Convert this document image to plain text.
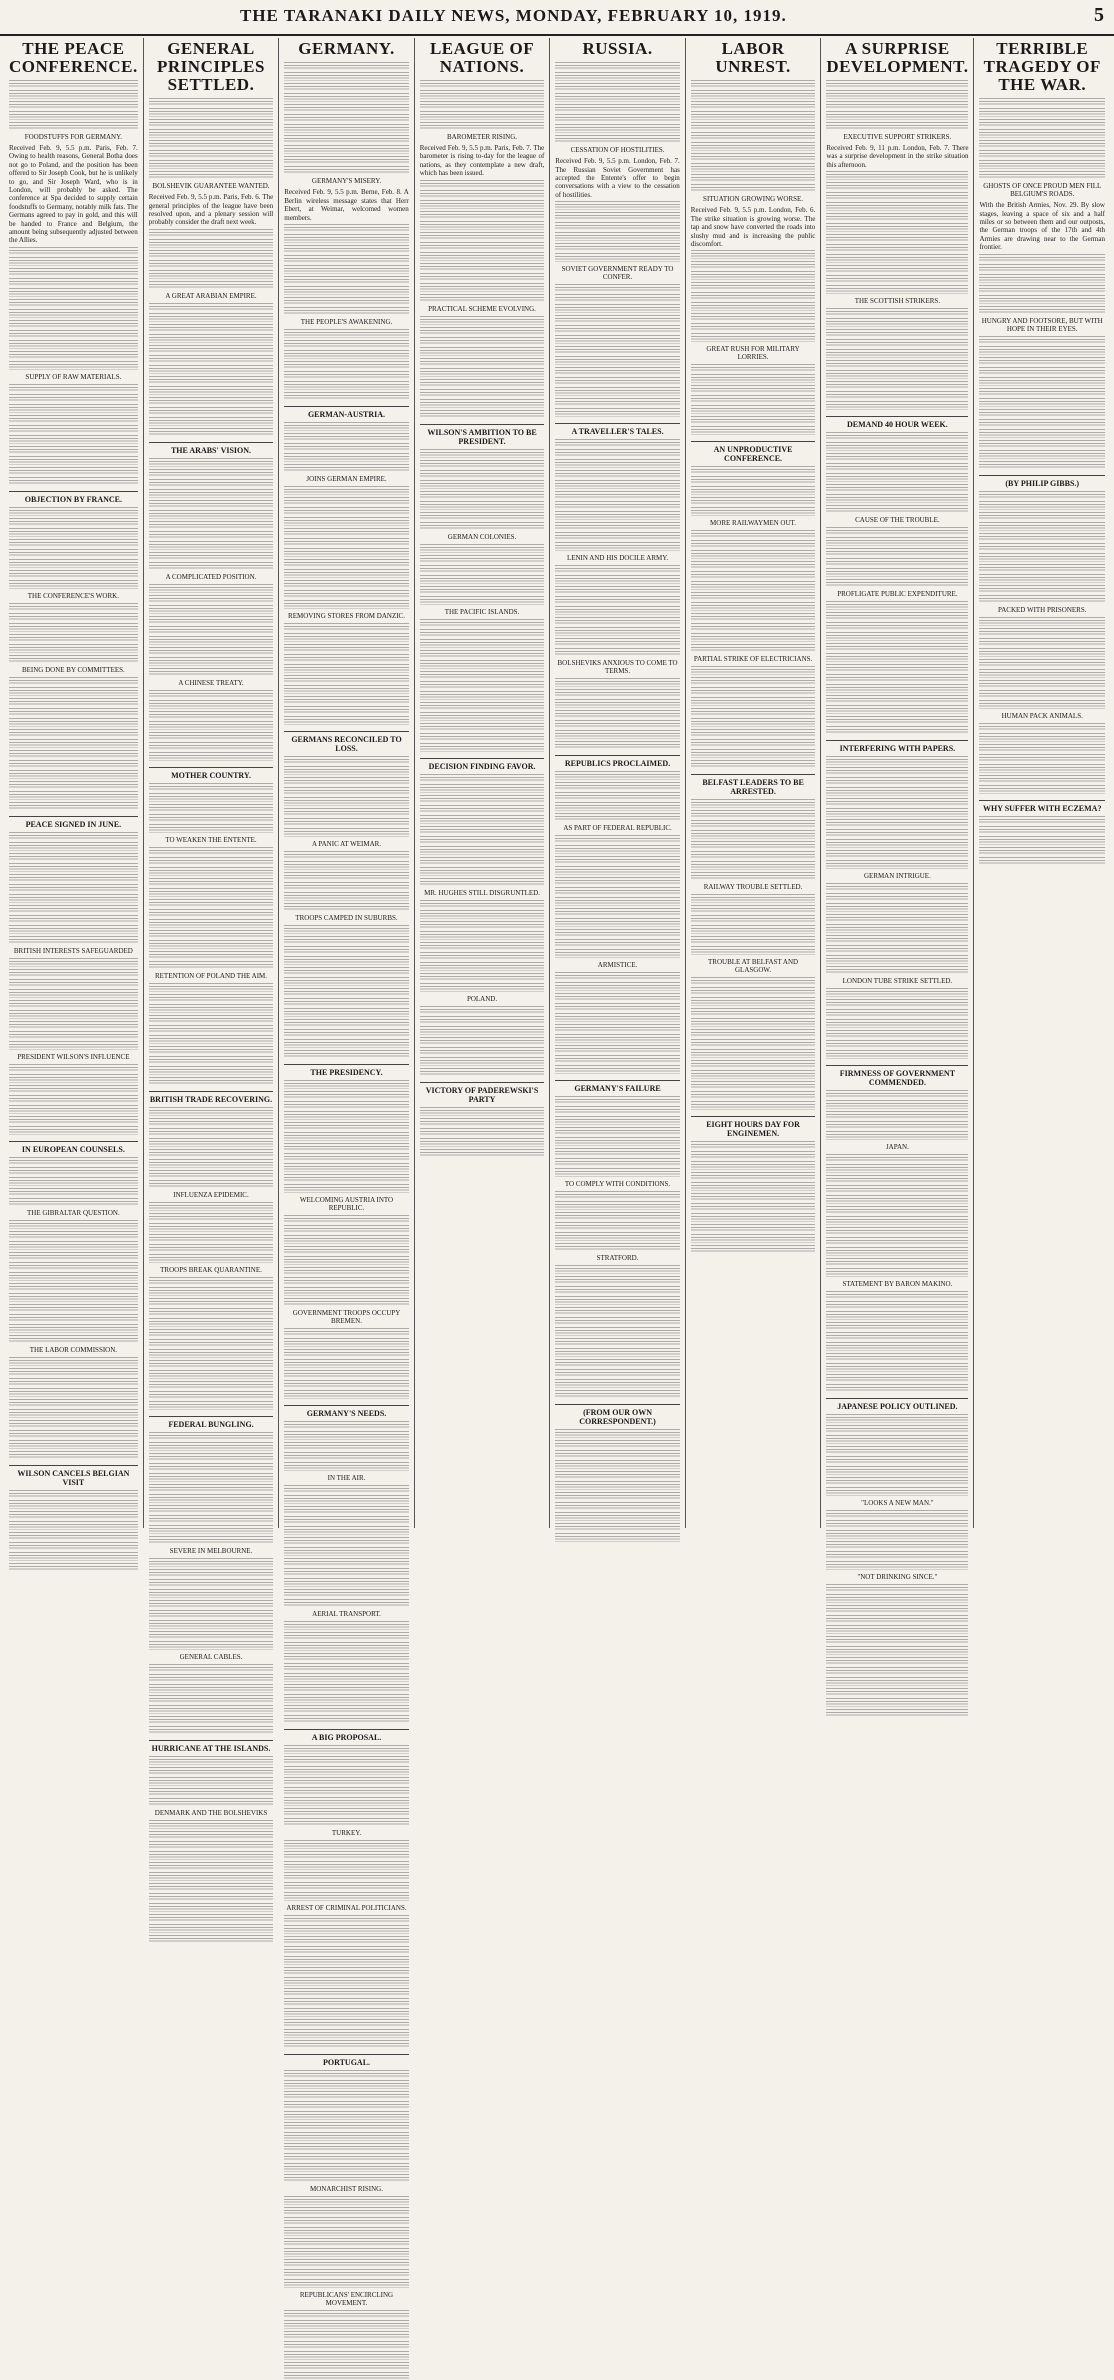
THE TARANAKI DAILY NEWS, MONDAY, FEBRUARY 10, 1919.	5
THE PEACE CONFERENCE.
FOODSTUFFS FOR GERMANY.

Received Feb. 9, 5.5 p.m. Paris, Feb. 7. Owing to health reasons, General Botha does not go to Poland, and the position has been offered to Sir Joseph Cook, but he is unlikely to go, and Sir Joseph Ward, who is in London, will probably be asked. The conference at Spa decided to supply certain foodstuffs to Germany, notably milk fats. The Germans agreed to pay in gold, and this will be handed to France and Belgium, the amount being subsequently adjusted between the Allies.

SUPPLY OF RAW MATERIALS.
OBJECTION BY FRANCE.
THE CONFERENCE'S WORK.
BEING DONE BY COMMITTEES.
PEACE SIGNED IN JUNE.
BRITISH INTERESTS SAFEGUARDED
PRESIDENT WILSON'S INFLUENCE
IN EUROPEAN COUNSELS.
THE GIBRALTAR QUESTION.
THE LABOR COMMISSION.
WILSON CANCELS BELGIAN VISIT
GENERAL PRINCIPLES SETTLED.
BOLSHEVIK GUARANTEE WANTED.

Received Feb. 9, 5.5 p.m. Paris, Feb. 6. The general principles of the league have been resolved upon, and a plenary session will probably consider the draft next week.

A GREAT ARABIAN EMPIRE.
THE ARABS' VISION.
A COMPLICATED POSITION.
A CHINESE TREATY.
MOTHER COUNTRY.
TO WEAKEN THE ENTENTE.
RETENTION OF POLAND THE AIM.
BRITISH TRADE RECOVERING.
INFLUENZA EPIDEMIC.
TROOPS BREAK QUARANTINE.
FEDERAL BUNGLING.
SEVERE IN MELBOURNE.
GENERAL CABLES.
HURRICANE AT THE ISLANDS.
DENMARK AND THE BOLSHEVIKS
GERMANY.
GERMANY'S MISERY.

Received Feb. 9, 5.5 p.m. Berne, Feb. 8. A Berlin wireless message states that Herr Ebert, at Weimar, welcomed women members.

THE PEOPLE'S AWAKENING.
GERMAN-AUSTRIA.
JOINS GERMAN EMPIRE.
REMOVING STORES FROM DANZIC.
GERMANS RECONCILED TO LOSS.
A PANIC AT WEIMAR.
TROOPS CAMPED IN SUBURBS.
THE PRESIDENCY.
WELCOMING AUSTRIA INTO REPUBLIC.
GOVERNMENT TROOPS OCCUPY BREMEN.
GERMANY'S NEEDS.
IN THE AIR.
AERIAL TRANSPORT.
A BIG PROPOSAL.
TURKEY.
ARREST OF CRIMINAL POLITICIANS.
PORTUGAL.
MONARCHIST RISING.
REPUBLICANS' ENCIRCLING MOVEMENT.
LEAGUE OF NATIONS.
BAROMETER RISING.

Received Feb. 9, 5.5 p.m. Paris, Feb. 7. The barometer is rising to-day for the league of nations, as they contemplate a new draft, which has been issued.

PRACTICAL SCHEME EVOLVING.
WILSON'S AMBITION TO BE PRESIDENT.
GERMAN COLONIES.
THE PACIFIC ISLANDS.
DECISION FINDING FAVOR.
MR. HUGHES STILL DISGRUNTLED.
POLAND.
VICTORY OF PADEREWSKI'S PARTY
RUSSIA.
CESSATION OF HOSTILITIES.

Received Feb. 9, 5.5 p.m. London, Feb. 7. The Russian Soviet Government has accepted the Entente's offer to begin conversations with a view to the cessation of hostilities.

SOVIET GOVERNMENT READY TO CONFER.
A TRAVELLER'S TALES.
LENIN AND HIS DOCILE ARMY.
BOLSHEVIKS ANXIOUS TO COME TO TERMS.
REPUBLICS PROCLAIMED.
AS PART OF FEDERAL REPUBLIC.
ARMISTICE.
GERMANY'S FAILURE
TO COMPLY WITH CONDITIONS.
STRATFORD.
(FROM OUR OWN CORRESPONDENT.)
LABOR UNREST.
SITUATION GROWING WORSE.

Received Feb. 9, 5.5 p.m. London, Feb. 6. The strike situation is growing worse. The tap and snow have converted the roads into slushy mud and is increasing the public discomfort.

GREAT RUSH FOR MILITARY LORRIES.
AN UNPRODUCTIVE CONFERENCE.
MORE RAILWAYMEN OUT.
PARTIAL STRIKE OF ELECTRICIANS.
BELFAST LEADERS TO BE ARRESTED.
RAILWAY TROUBLE SETTLED.
TROUBLE AT BELFAST AND GLASGOW.
EIGHT HOURS DAY FOR ENGINEMEN.
A SURPRISE DEVELOPMENT.
EXECUTIVE SUPPORT STRIKERS.

Received Feb. 9, 11 p.m. London, Feb. 7. There was a surprise development in the strike situation this afternoon.

THE SCOTTISH STRIKERS.
DEMAND 40 HOUR WEEK.
CAUSE OF THE TROUBLE.
PROFLIGATE PUBLIC EXPENDITURE.
INTERFERING WITH PAPERS.
GERMAN INTRIGUE.
LONDON TUBE STRIKE SETTLED.
FIRMNESS OF GOVERNMENT COMMENDED.
JAPAN.
STATEMENT BY BARON MAKINO.
JAPANESE POLICY OUTLINED.
"LOOKS A NEW MAN."
"NOT DRINKING SINCE."
TERRIBLE TRAGEDY OF THE WAR.
GHOSTS OF ONCE PROUD MEN FILL BELGIUM'S ROADS.

With the British Armies, Nov. 29. By slow stages, leaving a space of six and a half miles or so between them and our outposts, the German troops of the 17th and 4th Armies are drawing near to the German frontier.

HUNGRY AND FOOTSORE, BUT WITH HOPE IN THEIR EYES.
(BY PHILIP GIBBS.)
PACKED WITH PRISONERS.
HUMAN PACK ANIMALS.
WHY SUFFER WITH ECZEMA?
